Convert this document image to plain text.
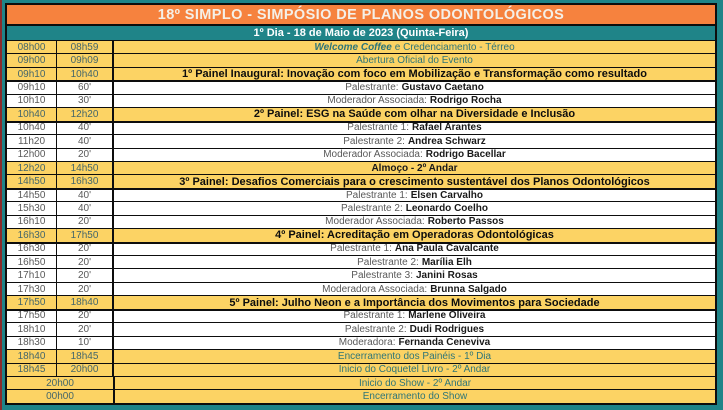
18º SIMPLO - SIMPÓSIO DE PLANOS ODONTOLÓGICOS
1º Dia - 18 de Maio de 2023 (Quinta-Feira)
08h00	08h59	Welcome Coffee e Credenciamento - Térreo
09h00	09h09	Abertura Oficial do Evento
09h10	10h40	1º Painel Inaugural: Inovação com foco em Mobilização e Transformação como resultado
09h10	60'	Palestrante: Gustavo Caetano
10h10	30'	Moderador Associada: Rodrigo Rocha
10h40	12h20	2º Painel: ESG na Saúde com olhar na Diversidade e Inclusão
10h40	40'	Palestrante 1: Rafael Arantes
11h20	40'	Palestrante 2: Andrea Schwarz
12h00	20'	Moderador Associada: Rodrigo Bacellar
12h20	14h50	Almoço - 2º Andar
14h50	16h30	3º Painel: Desafios Comerciais para o crescimento sustentável dos Planos Odontológicos
14h50	40'	Palestrante 1: Elsen Carvalho
15h30	40'	Palestrante 2: Leonardo Coelho
16h10	20'	Moderador Associada: Roberto Passos
16h30	17h50	4º Painel: Acreditação em Operadoras Odontológicas
16h30	20'	Palestrante 1: Ana Paula Cavalcante
16h50	20'	Palestrante 2: Marília Elh
17h10	20'	Palestrante 3: Janini Rosas
17h30	20'	Moderadora Associada: Brunna Salgado
17h50	18h40	5º Painel: Julho Neon e a Importância dos Movimentos para Sociedade
17h50	20'	Palestrante 1: Marlene Oliveira
18h10	20'	Palestrante 2: Dudi Rodrigues
18h30	10'	Moderadora: Fernanda Ceneviva
18h40	18h45	Encerramento dos Painéis - 1º Dia
18h45	20h00	Inicio do Coquetel Livro - 2º Andar
20h00	Inicio do Show - 2º Andar
00h00	Encerramento do Show
